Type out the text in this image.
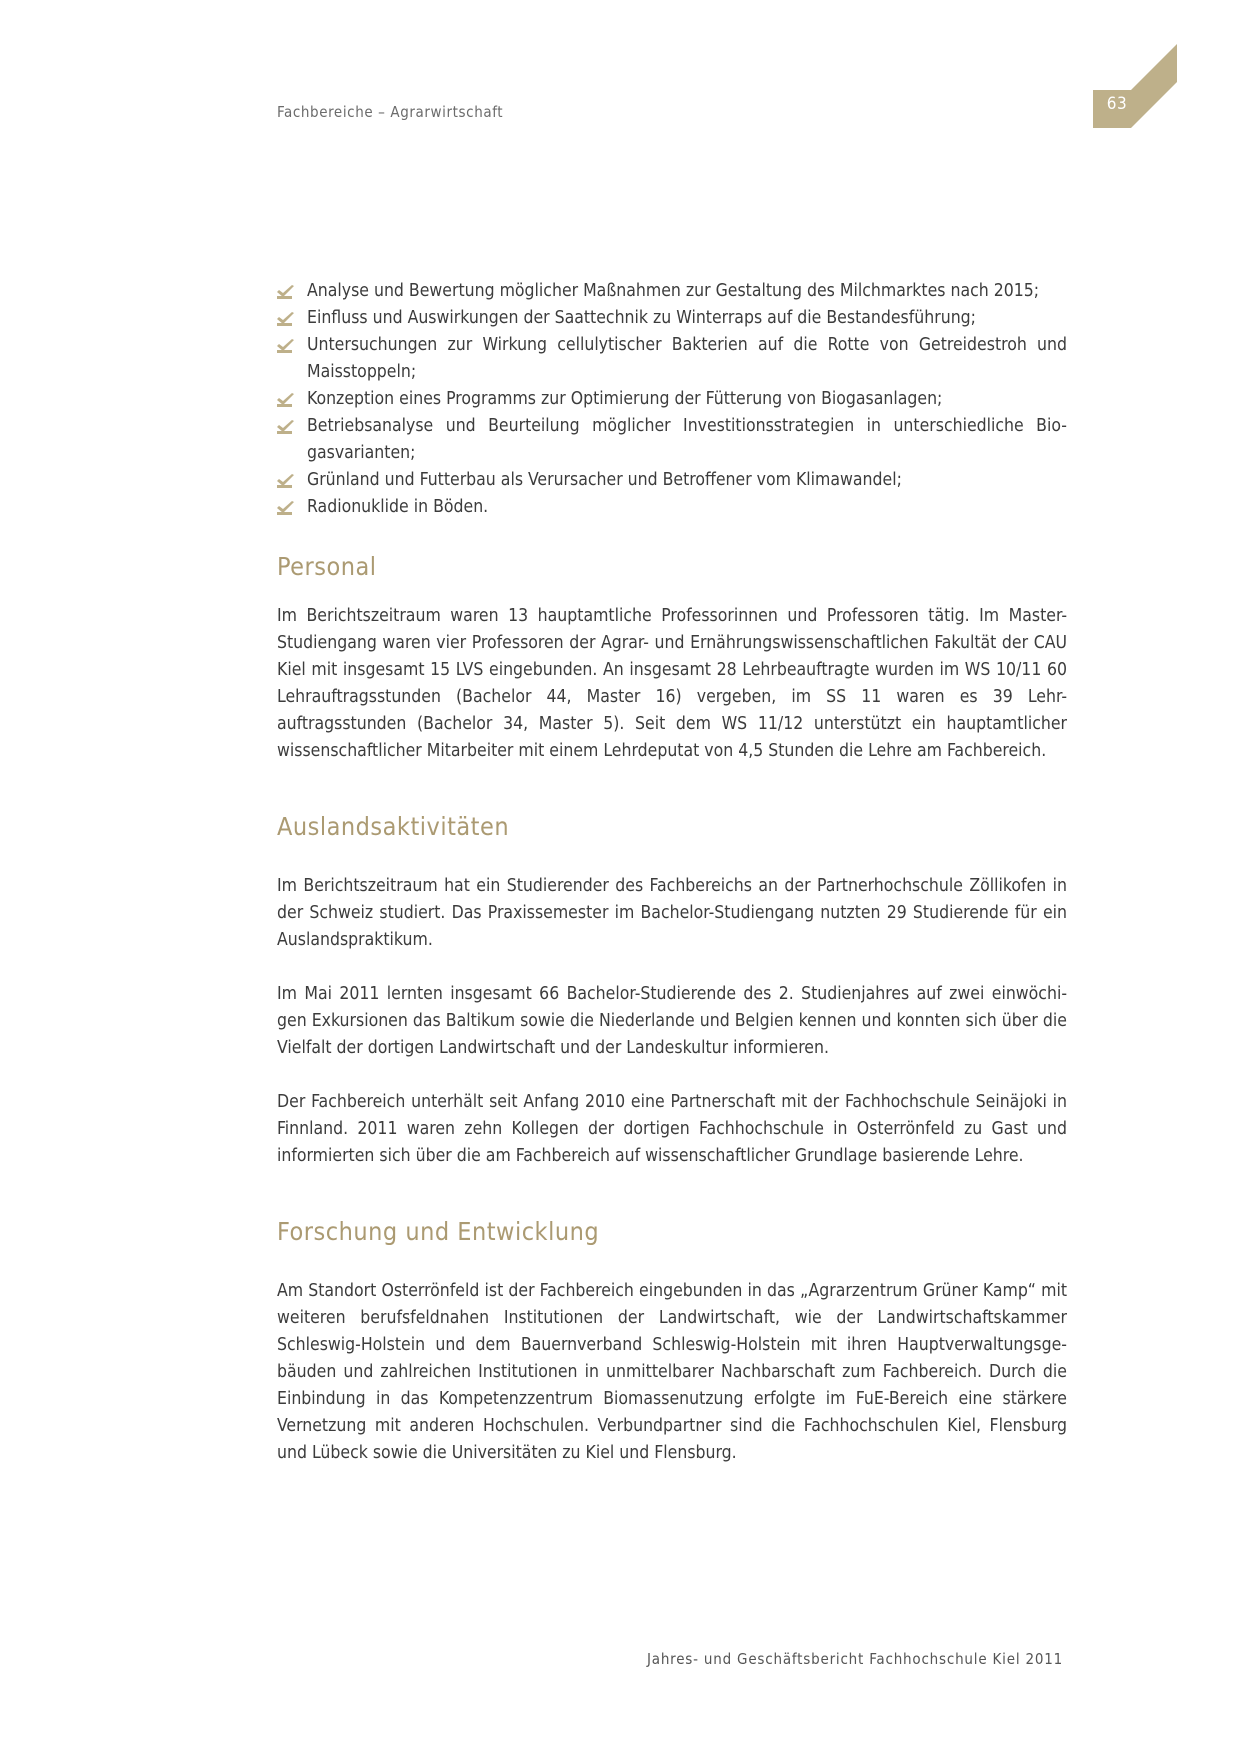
Fachbereiche – Agrarwirtschaft	63
Analyse und Bewertung möglicher Maßnahmen zur Gestaltung des Milchmarktes nach 2015;
Einfluss und Auswirkungen der Saattechnik zu Winterraps auf die Bestandesführung;
Untersuchungen zur Wirkung cellulytischer Bakterien auf die Rotte von Getreidestroh und Maisstoppeln;
Konzeption eines Programms zur Optimierung der Fütterung von Biogasanlagen;
Betriebsanalyse und Beurteilung möglicher Investitionsstrategien in unterschiedliche Bio-gasvarianten;
Grünland und Futterbau als Verursacher und Betroffener vom Klimawandel;
Radionuklide in Böden.
Personal

Im Berichtszeitraum waren 13 hauptamtliche Professorinnen und Professoren tätig. Im Master-Studiengang waren vier Professoren der Agrar- und Ernährungswissenschaftlichen Fakultät der CAU Kiel mit insgesamt 15 LVS eingebunden. An insgesamt 28 Lehrbeauftragte wurden im WS 10/11 60 Lehrauftragsstunden (Bachelor 44, Master 16) vergeben, im SS 11 waren es 39 Lehr-auftragsstunden (Bachelor 34, Master 5). Seit dem WS 11/12 unterstützt ein hauptamtlicher wissenschaftlicher Mitarbeiter mit einem Lehrdeputat von 4,5 Stunden die Lehre am Fachbereich.

Auslandsaktivitäten

Im Berichtszeitraum hat ein Studierender des Fachbereichs an der Partnerhochschule Zöllikofen in der Schweiz studiert. Das Praxissemester im Bachelor-Studiengang nutzten 29 Studierende für ein Auslandspraktikum.

Im Mai 2011 lernten insgesamt 66 Bachelor-Studierende des 2. Studienjahres auf zwei einwöchi-gen Exkursionen das Baltikum sowie die Niederlande und Belgien kennen und konnten sich über die Vielfalt der dortigen Landwirtschaft und der Landeskultur informieren.

Der Fachbereich unterhält seit Anfang 2010 eine Partnerschaft mit der Fachhochschule Seinäjoki in Finnland. 2011 waren zehn Kollegen der dortigen Fachhochschule in Osterrönfeld zu Gast und informierten sich über die am Fachbereich auf wissenschaftlicher Grundlage basierende Lehre.

Forschung und Entwicklung

Am Standort Osterrönfeld ist der Fachbereich eingebunden in das „Agrarzentrum Grüner Kamp“ mit weiteren berufsfeldnahen Institutionen der Landwirtschaft, wie der Landwirtschaftskammer Schleswig-Holstein und dem Bauernverband Schleswig-Holstein mit ihren Hauptverwaltungsge-bäuden und zahlreichen Institutionen in unmittelbarer Nachbarschaft zum Fachbereich. Durch die Einbindung in das Kompetenzzentrum Biomassenutzung erfolgte im FuE-Bereich eine stärkere Vernetzung mit anderen Hochschulen. Verbundpartner sind die Fachhochschulen Kiel, Flensburg und Lübeck sowie die Universitäten zu Kiel und Flensburg.

Jahres- und Geschäftsbericht Fachhochschule Kiel 2011
